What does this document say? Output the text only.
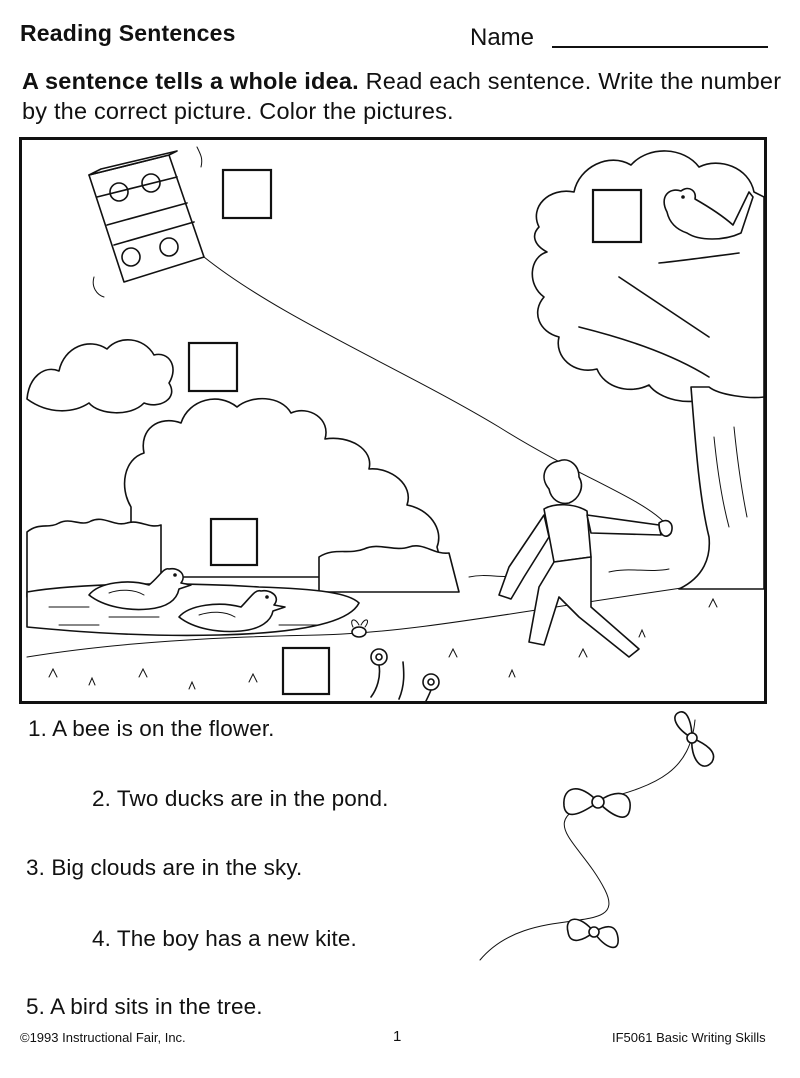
Reading Sentences	Name
A sentence tells a whole idea. Read each sentence. Write the number by the correct picture. Color the pictures.
1. A bee is on the flower.
2. Two ducks are in the pond.
3. Big clouds are in the sky.
4. The boy has a new kite.
5. A bird sits in the tree.
©1993 Instructional Fair, Inc.	1	IF5061 Basic Writing Skills
